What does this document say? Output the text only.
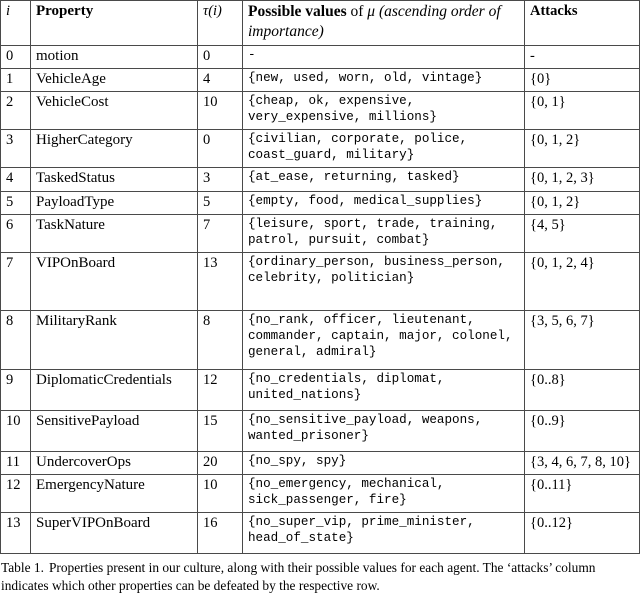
i	Property	τ(i)	Possible values of μ (ascending order of importance)	Attacks
0	motion	0	-	-
1	VehicleAge	4	{new, used, worn, old, vintage}	{0}
2	VehicleCost	10	{cheap, ok, expensive, very_expensive, millions}	{0, 1}
3	HigherCategory	0	{civilian, corporate, police, coast_guard, military}	{0, 1, 2}
4	TaskedStatus	3	{at_ease, returning, tasked}	{0, 1, 2, 3}
5	PayloadType	5	{empty, food, medical_supplies}	{0, 1, 2}
6	TaskNature	7	{leisure, sport, trade, training, patrol, pursuit, combat}	{4, 5}
7	VIPOnBoard	13	{ordinary_person, business_person, celebrity, politician}	{0, 1, 2, 4}
8	MilitaryRank	8	{no_rank, officer, lieutenant, commander, captain, major, colonel, general, admiral}	{3, 5, 6, 7}
9	DiplomaticCredentials	12	{no_credentials, diplomat, united_nations}	{0..8}
10	SensitivePayload	15	{no_sensitive_payload, weapons, wanted_prisoner}	{0..9}
11	UndercoverOps	20	{no_spy, spy}	{3, 4, 6, 7, 8, 10}
12	EmergencyNature	10	{no_emergency, mechanical, sick_passenger, fire}	{0..11}
13	SuperVIPOnBoard	16	{no_super_vip, prime_minister, head_of_state}	{0..12}
Table 1. Properties present in our culture, along with their possible values for each agent. The ‘attacks’ column indicates which other properties can be defeated by the respective row.
